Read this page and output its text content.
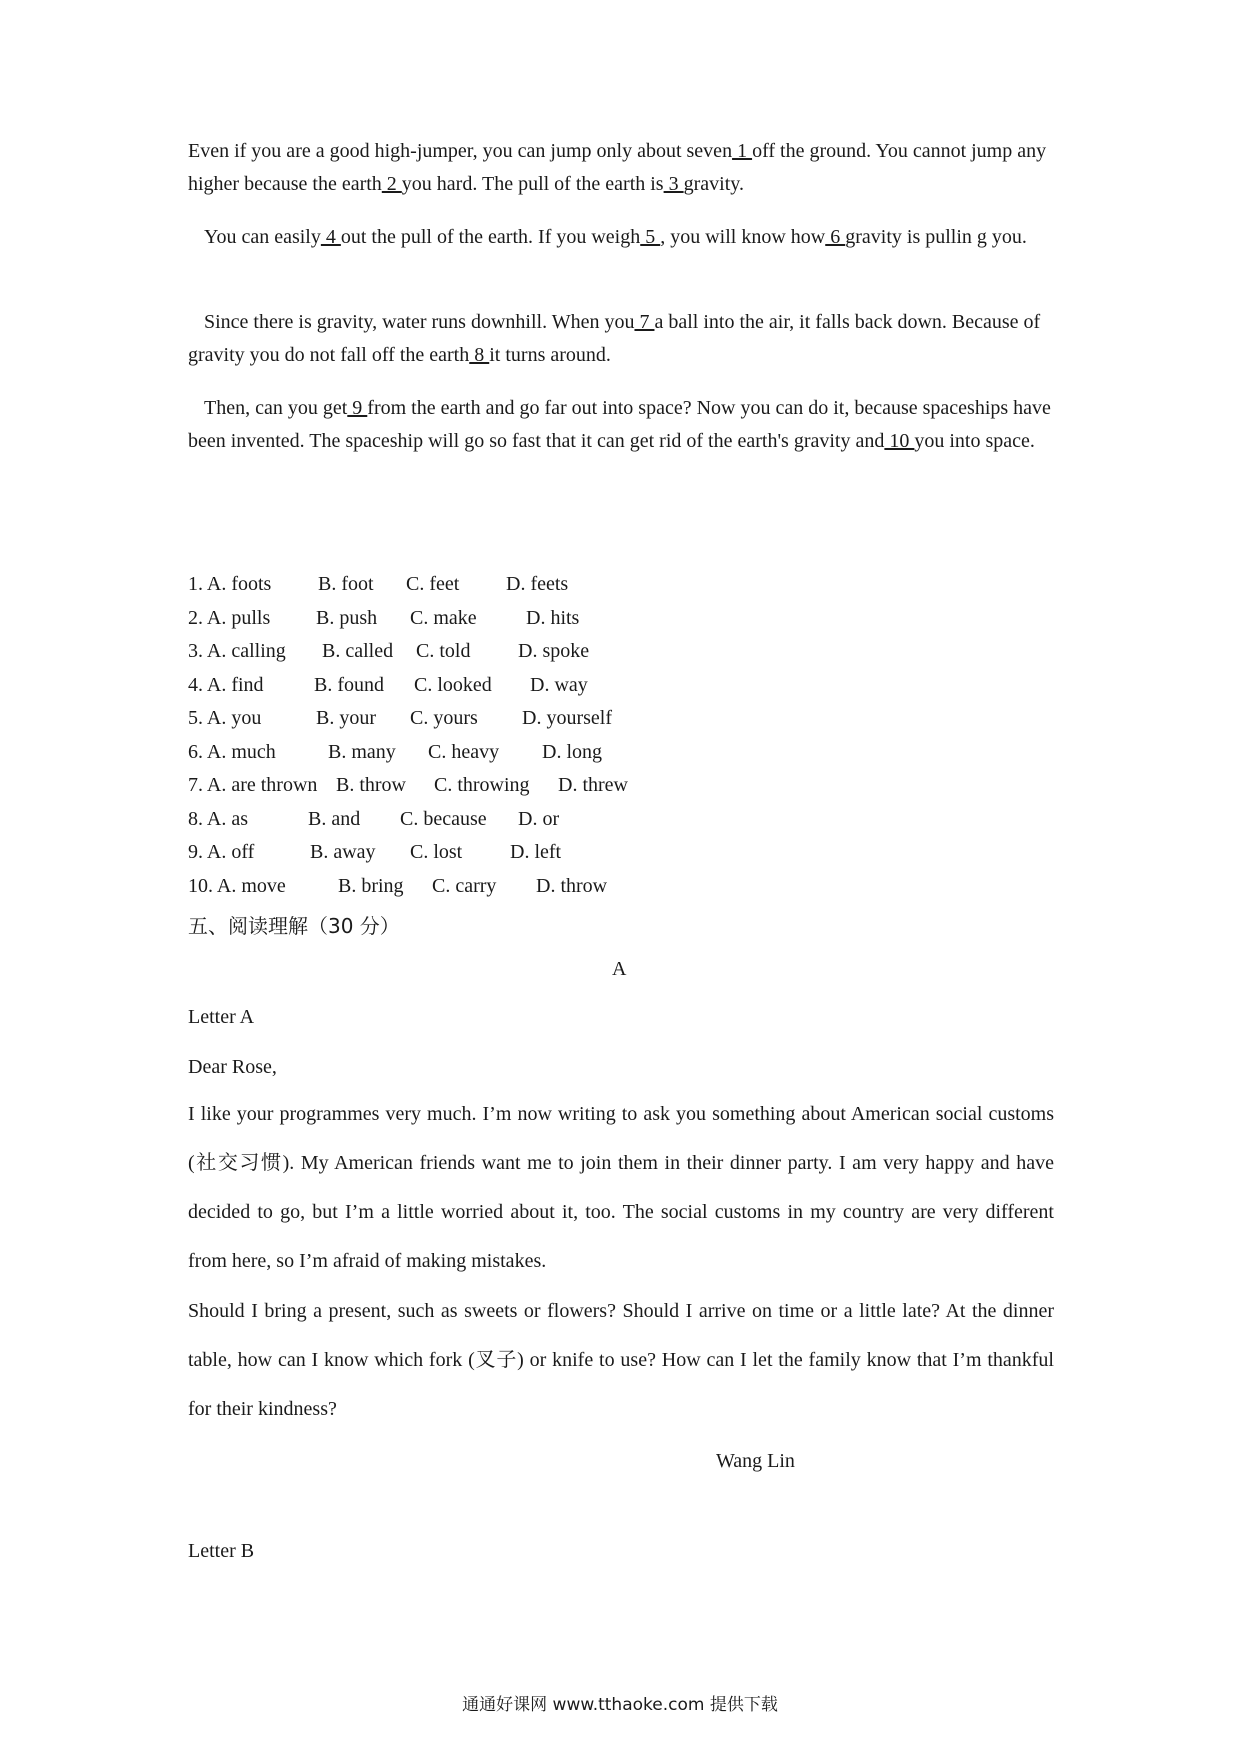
Even if you are a good high-jumper, you can jump only about seven 1 off the ground. You cannot jump any higher because the earth 2 you hard. The pull of the earth is 3 gravity.

You can easily 4 out the pull of the earth. If you weigh 5 , you will know how 6 gravity is pullin g you.

Since there is gravity, water runs downhill. When you 7 a ball into the air, it falls back down. Because of gravity you do not fall off the earth 8 it turns around.

Then, can you get 9 from the earth and go far out into space? Now you can do it, because spaceships have been invented. The spaceship will go so fast that it can get rid of the earth's gravity and 10 you into space.

1. A. foots B. foot C. feet D. feets
2. A. pulls B. push C. make D. hits
3. A. calling B. called C. told D. spoke
4. A. find	B. found C. looked D. way
5. A. you	B. your C. yours D. yourself
6. A. much	B. many C. heavy D. long
7. A. are thrown B. throw C. throwing D. threw
8. A. as	B. and C. because D. or
9. A. off	B. away C. lost D. left
10. A. move	B. bring C. carry D. throw
五、阅读理解（30 分）
A
Letter A
Dear Rose,

I like your programmes very much. I’m now writing to ask you something about American social customs (社交习惯). My American friends want me to join them in their dinner party. I am very happy and have decided to go, but I’m a little worried about it, too. The social customs in my country are very different from here, so I’m afraid of making mistakes.

Should I bring a present, such as sweets or flowers? Should I arrive on time or a little late? At the dinner table, how can I know which fork (叉子) or knife to use? How can I let the family know that I’m thankful for their kindness?

Wang Lin
Letter B
通通好课网 www.tthaoke.com 提供下载
